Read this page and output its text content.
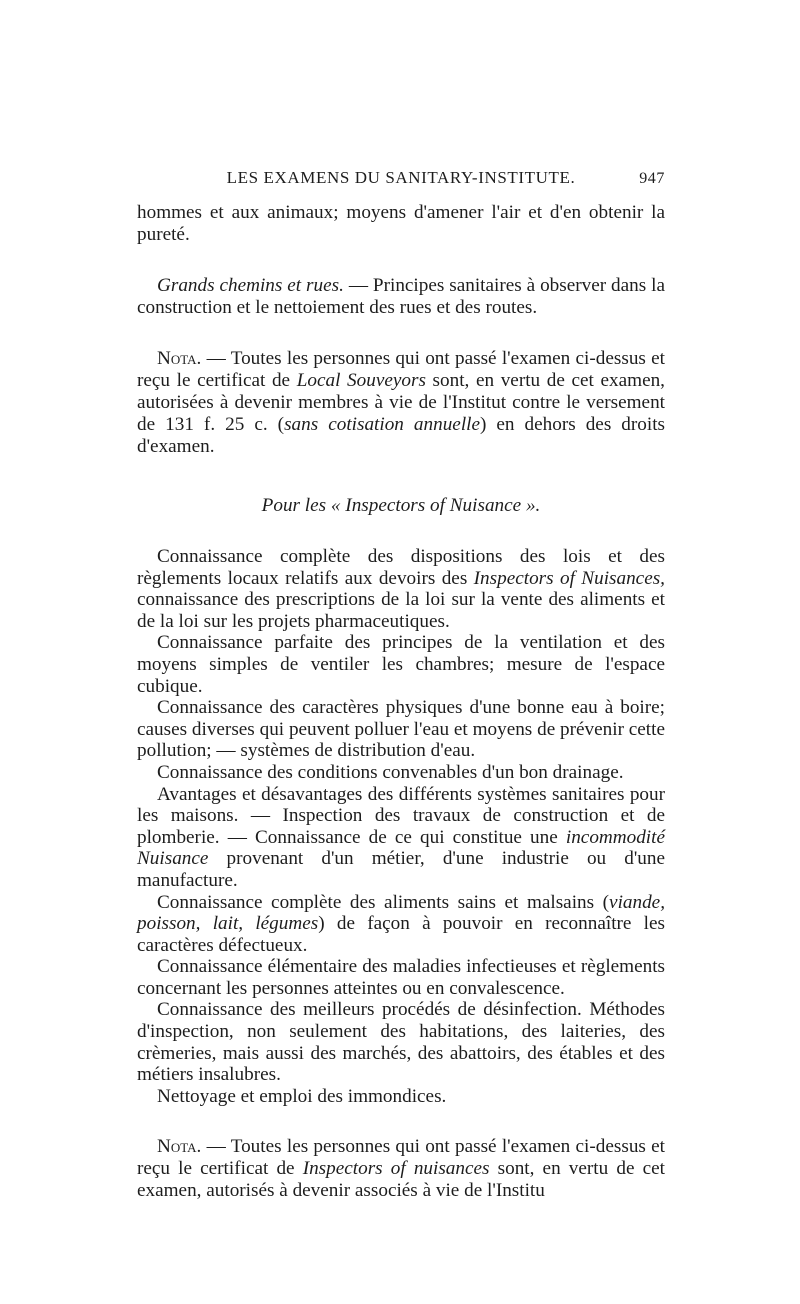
LES EXAMENS DU SANITARY-INSTITUTE.	947

hommes et aux animaux; moyens d'amener l'air et d'en obtenir la pureté.

Grands chemins et rues. — Principes sanitaires à observer dans la construction et le nettoiement des rues et des routes.

Nota. — Toutes les personnes qui ont passé l'examen ci-dessus et reçu le certificat de Local Souveyors sont, en vertu de cet examen, autorisées à devenir membres à vie de l'Institut contre le versement de 131 f. 25 c. (sans cotisation annuelle) en dehors des droits d'examen.

Pour les « Inspectors of Nuisance ».

Connaissance complète des dispositions des lois et des règlements locaux relatifs aux devoirs des Inspectors of Nuisances, connaissance des prescriptions de la loi sur la vente des aliments et de la loi sur les projets pharmaceutiques.

Connaissance parfaite des principes de la ventilation et des moyens simples de ventiler les chambres; mesure de l'espace cubique.

Connaissance des caractères physiques d'une bonne eau à boire; causes diverses qui peuvent polluer l'eau et moyens de prévenir cette pollution; — systèmes de distribution d'eau.

Connaissance des conditions convenables d'un bon drainage.

Avantages et désavantages des différents systèmes sanitaires pour les maisons. — Inspection des travaux de construction et de plomberie. — Connaissance de ce qui constitue une incommodité Nuisance provenant d'un métier, d'une industrie ou d'une manufacture.

Connaissance complète des aliments sains et malsains (viande, poisson, lait, légumes) de façon à pouvoir en reconnaître les caractères défectueux.

Connaissance élémentaire des maladies infectieuses et règlements concernant les personnes atteintes ou en convalescence.

Connaissance des meilleurs procédés de désinfection. Méthodes d'inspection, non seulement des habitations, des laiteries, des crèmeries, mais aussi des marchés, des abattoirs, des étables et des métiers insalubres.

Nettoyage et emploi des immondices.

Nota. — Toutes les personnes qui ont passé l'examen ci-dessus et reçu le certificat de Inspectors of nuisances sont, en vertu de cet examen, autorisés à devenir associés à vie de l'Institu
